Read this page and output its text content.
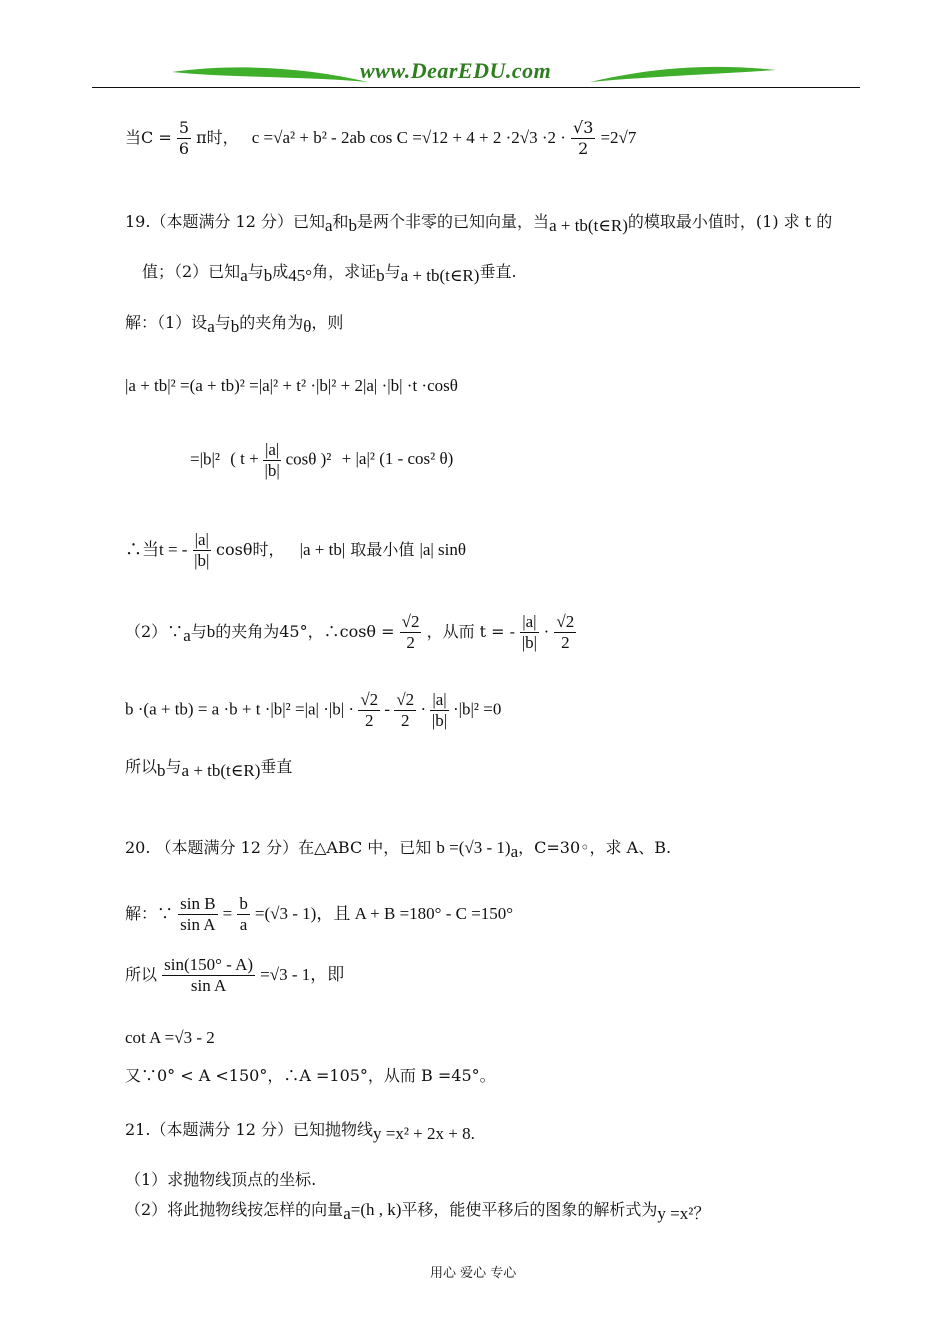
www.DearEDU.com
当$C = \frac{5}{6}$ π时， c =√a² + b² - 2ab $\cos C =√12 + 4 + 2 \cdot 2√3 \cdot 2 \cdot \frac{√3}{2} =2√7$
19.（本题满分 12 分）已知$_a$和$_b$是两个非零的已知向量，当$_{a + tb(t\in R)}$的模取最小值时，(1) 求 t 的
值；（2）已知$_a$与$_b$成$_{45^\circ}$角，求证$_b$与$_{a + tb(t\in R)}$垂直.
解：（1）设$_a$与$_b$的夹角为$_\theta$，则
|a + tb|² =(a + tb)² =|a|² + t² ·|b|² + 2|a| ·|b| ·t ·cosθ
=|b|² ( $t + \frac{|a|}{|b|}$ cosθ )² + |a|² (1 - cos² θ)
∴当t = - $\frac{|a|}{|b|}$ cosθ时， |a + tb| 取最小值 |a| sinθ
$(2)\because_a$与b的夹角为45°，∴cosθ = $\frac{√2}{2}$ ，从而 t = - $\frac{|a|}{|b|} \cdot \frac{√2}{2}$
$b \cdot(a + tb) = a \cdot b + t \cdot|b|^2 =|a| \cdot|b| \cdot \frac{√2}{2} - \frac{√2}{2} \cdot \frac{|a|}{|b|} \cdot|b|^2 =0$
所以$_b$与$_{a + tb(t\in R)}$垂直
20. （本题满分 12 分）在△ABC 中，已知 $b =(√3 - 1)_a$，C=30◦，求 A、B.
解：∵ $\frac{\text{sin B}}{\text{sin A}} = \frac{b}{a} =(√3 - 1)$，且 A + B =180° - C =150°
所以 $\frac{\sin(150^\circ - A)}{\text{sin A}} =√3 - 1$，即
cot A =√3 - 2
又∵0° < A <150°，∴A =105°，从而 B =45°。
21.（本题满分 12 分）已知抛物线$_{y =x^2 + 2x + 8.}$
（1）求抛物线顶点的坐标.
（2）将此抛物线按怎样的向量$_a$=(h , k)平移，能使平移后的图象的解析式为$_{y =x^2?}$
用心 爱心 专心
